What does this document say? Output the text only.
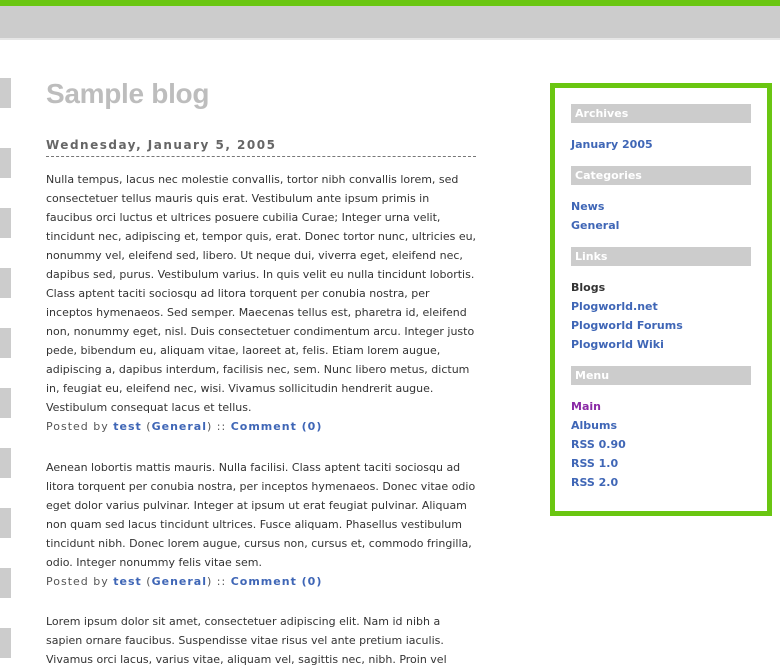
Sample blog
Wednesday, January 5, 2005

Nulla tempus, lacus nec molestie convallis, tortor nibh convallis lorem, sed consectetuer tellus mauris quis erat. Vestibulum ante ipsum primis in faucibus orci luctus et ultrices posuere cubilia Curae; Integer urna velit, tincidunt nec, adipiscing et, tempor quis, erat. Donec tortor nunc, ultricies eu, nonummy vel, eleifend sed, libero. Ut neque dui, viverra eget, eleifend nec, dapibus sed, purus. Vestibulum varius. In quis velit eu nulla tincidunt lobortis. Class aptent taciti sociosqu ad litora torquent per conubia nostra, per inceptos hymenaeos. Sed semper. Maecenas tellus est, pharetra id, eleifend non, nonummy eget, nisl. Duis consectetuer condimentum arcu. Integer justo pede, bibendum eu, aliquam vitae, laoreet at, felis. Etiam lorem augue, adipiscing a, dapibus interdum, facilisis nec, sem. Nunc libero metus, dictum in, feugiat eu, eleifend nec, wisi. Vivamus sollicitudin hendrerit augue. Vestibulum consequat lacus et tellus.

Posted by test (General) :: Comment (0)

Aenean lobortis mattis mauris. Nulla facilisi. Class aptent taciti sociosqu ad litora torquent per conubia nostra, per inceptos hymenaeos. Donec vitae odio eget dolor varius pulvinar. Integer at ipsum ut erat feugiat pulvinar. Aliquam non quam sed lacus tincidunt ultrices. Fusce aliquam. Phasellus vestibulum tincidunt nibh. Donec lorem augue, cursus non, cursus et, commodo fringilla, odio. Integer nonummy felis vitae sem.

Posted by test (General) :: Comment (0)

Lorem ipsum dolor sit amet, consectetuer adipiscing elit. Nam id nibh a sapien ornare faucibus. Suspendisse vitae risus vel ante pretium iaculis. Vivamus orci lacus, varius vitae, aliquam vel, sagittis nec, nibh. Proin vel

Archives
January 2005
Categories
News
General
Links
Blogs
Plogworld.net
Plogworld Forums
Plogworld Wiki
Menu
Main
Albums
RSS 0.90
RSS 1.0
RSS 2.0
